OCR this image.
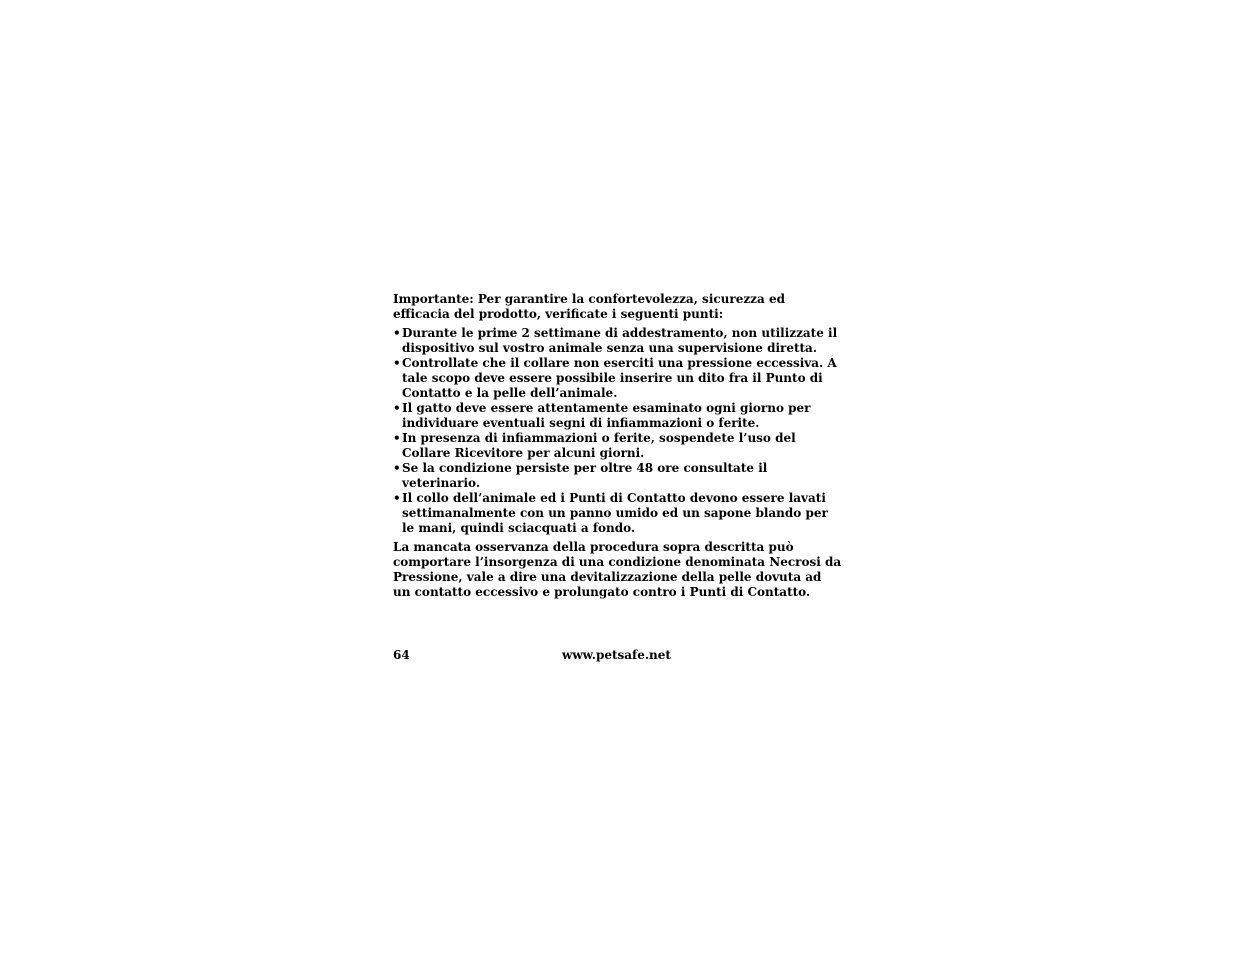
Importante: Per garantire la confortevolezza, sicurezza ed efficacia del prodotto, verificate i seguenti punti:

• Durante le prime 2 settimane di addestramento, non utilizzate il dispositivo sul vostro animale senza una supervisione diretta.
• Controllate che il collare non eserciti una pressione eccessiva. A tale scopo deve essere possibile inserire un dito fra il Punto di Contatto e la pelle dell’animale.
• Il gatto deve essere attentamente esaminato ogni giorno per individuare eventuali segni di infiammazioni o ferite.
• In presenza di infiammazioni o ferite, sospendete l’uso del Collare Ricevitore per alcuni giorni.
• Se la condizione persiste per oltre 48 ore consultate il veterinario.
• Il collo dell’animale ed i Punti di Contatto devono essere lavati settimanalmente con un panno umido ed un sapone blando per le mani, quindi sciacquati a fondo.

La mancata osservanza della procedura sopra descritta può comportare l’insorgenza di una condizione denominata Necrosi da Pressione, vale a dire una devitalizzazione della pelle dovuta ad un contatto eccessivo e prolungato contro i Punti di Contatto.

64	www.petsafe.net
